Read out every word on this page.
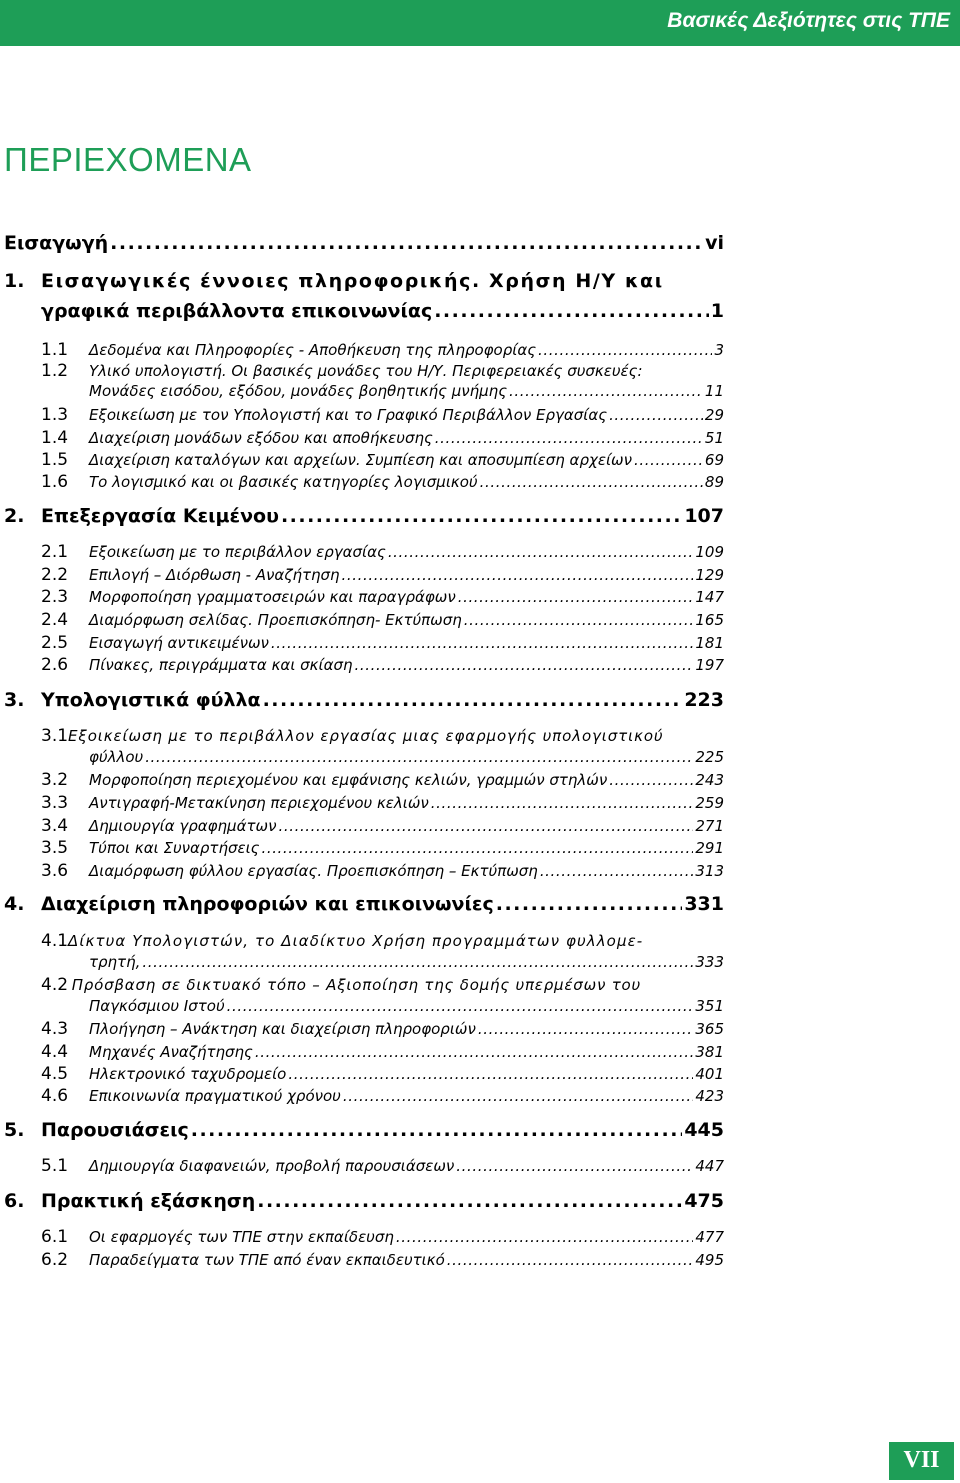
Βασικές Δεξιότητες στις ΤΠΕ
ΠΕΡΙΕΧΟΜΕΝΑ
Εισαγωγή .....	vi
1. Εισαγωγικές έννοιες πληροφορικής. Χρήση Η/Υ και
γραφικά περιβάλλοντα επικοινωνίας .....	1
1.1	Δεδομένα και Πληροφορίες - Αποθήκευση της πληροφορίας .....	3
1.2	Υλικό υπολογιστή. Οι βασικές μονάδες του Η/Υ. Περιφερειακές συσκευές:
Μονάδες εισόδου, εξόδου, μονάδες βοηθητικής μνήμης .....	11
1.3	Εξοικείωση με τον Υπολογιστή και το Γραφικό Περιβάλλον Εργασίας .....	29
1.4	Διαχείριση μονάδων εξόδου και αποθήκευσης .....	51
1.5	Διαχείριση καταλόγων και αρχείων. Συμπίεση και αποσυμπίεση αρχείων .....	69
1.6	Το λογισμικό και οι βασικές κατηγορίες λογισμικού .....	89
2. Επεξεργασία Κειμένου .....	107
2.1	Εξοικείωση με το περιβάλλον εργασίας .....	109
2.2	Επιλογή – Διόρθωση - Αναζήτηση .....	129
2.3	Μορφοποίηση γραμματοσειρών και παραγράφων .....	147
2.4	Διαμόρφωση σελίδας. Προεπισκόπηση- Εκτύπωση .....	165
2.5	Εισαγωγή αντικειμένων .....	181
2.6	Πίνακες, περιγράμματα και σκίαση .....	197
3. Υπολογιστικά φύλλα .....	223
3.1 Εξοικείωση με το περιβάλλον εργασίας μιας εφαρμογής υπολογιστικού
φύλλου .....	225
3.2	Μορφοποίηση περιεχομένου και εμφάνισης κελιών, γραμμών στηλών .....	243
3.3	Αντιγραφή-Μετακίνηση περιεχομένου κελιών .....	259
3.4	Δημιουργία γραφημάτων .....	271
3.5	Τύποι και Συναρτήσεις .....	291
3.6	Διαμόρφωση φύλλου εργασίας. Προεπισκόπηση – Εκτύπωση .....	313
4. Διαχείριση πληροφοριών και επικοινωνίες .....	331
4.1 Δίκτυα Υπολογιστών, το Διαδίκτυο Χρήση προγραμμάτων φυλλομε-
τρητή, .....	333
4.2 Πρόσβαση σε δικτυακό τόπο – Αξιοποίηση της δομής υπερμέσων του
Παγκόσμιου Ιστού .....	351
4.3	Πλοήγηση – Ανάκτηση και διαχείριση πληροφοριών .....	365
4.4	Μηχανές Αναζήτησης .....	381
4.5	Ηλεκτρονικό ταχυδρομείο .....	401
4.6	Επικοινωνία πραγματικού χρόνου .....	423
5. Παρουσιάσεις .....	445
5.1	Δημιουργία διαφανειών, προβολή παρουσιάσεων .....	447
6. Πρακτική εξάσκηση .....	475
6.1	Οι εφαρμογές των ΤΠΕ στην εκπαίδευση .....	477
6.2	Παραδείγματα των ΤΠΕ από έναν εκπαιδευτικό .....	495
VII
